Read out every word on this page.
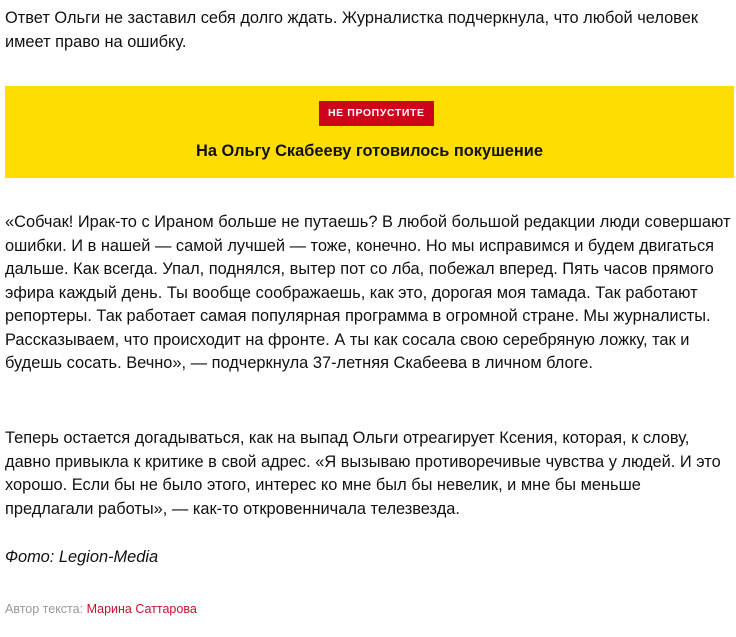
Ответ Ольги не заставил себя долго ждать. Журналистка подчеркнула, что любой человек имеет право на ошибку.

НЕ ПРОПУСТИТЕ
На Ольгу Скабееву готовилось покушение

«Собчак! Ирак-то с Ираном больше не путаешь? В любой большой редакции люди совершают ошибки. И в нашей — самой лучшей — тоже, конечно. Но мы исправимся и будем двигаться дальше. Как всегда. Упал, поднялся, вытер пот со лба, побежал вперед. Пять часов прямого эфира каждый день. Ты вообще соображаешь, как это, дорогая моя тамада. Так работают репортеры. Так работает самая популярная программа в огромной стране. Мы журналисты. Рассказываем, что происходит на фронте. А ты как сосала свою серебряную ложку, так и будешь сосать. Вечно», — подчеркнула 37-летняя Скабеева в личном блоге.

Теперь остается догадываться, как на выпад Ольги отреагирует Ксения, которая, к слову, давно привыкла к критике в свой адрес. «Я вызываю противоречивые чувства у людей. И это хорошо. Если бы не было этого, интерес ко мне был бы невелик, и мне бы меньше предлагали работы», — как-то откровенничала телезвезда.

Фото: Legion-Media

Автор текста: Марина Саттарова
